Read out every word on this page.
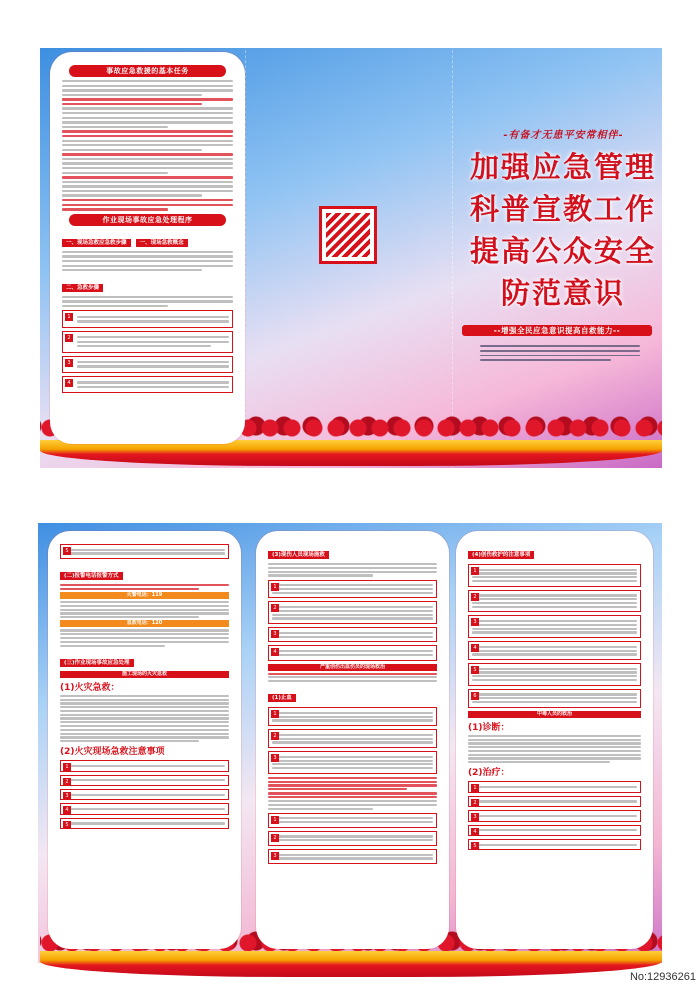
事故应急救援的基本任务
作业现场事故应急处理程序
一、现场急救应急救步骤 一、现场急救概念
二、急救步骤
1
2
3
4
-有备才无患平安常相伴-
加强应急管理
科普宣教工作
提高公众安全
防范意识
--增强全民应急意识提高自救能力--
5
(二)报警电话报警方式
火警电话：119
急救电话：120
(三)作业现场事故应急处理
施工现场的火灾急救
(1)火灾急救：
(2)火灾现场急救注意事项
1
2
3
4
5
(3)现伤人员现场施救
1
2
3
4
严重创伤出血伤员的现场救治
(1)止血
1
2
3
1
2
3
(4)创伤救护的注意事项
1
2
3
4
5
6
中毒人员的救治
(1)诊断：
(2)治疗：
1
2
3
4
5
No:12936261
